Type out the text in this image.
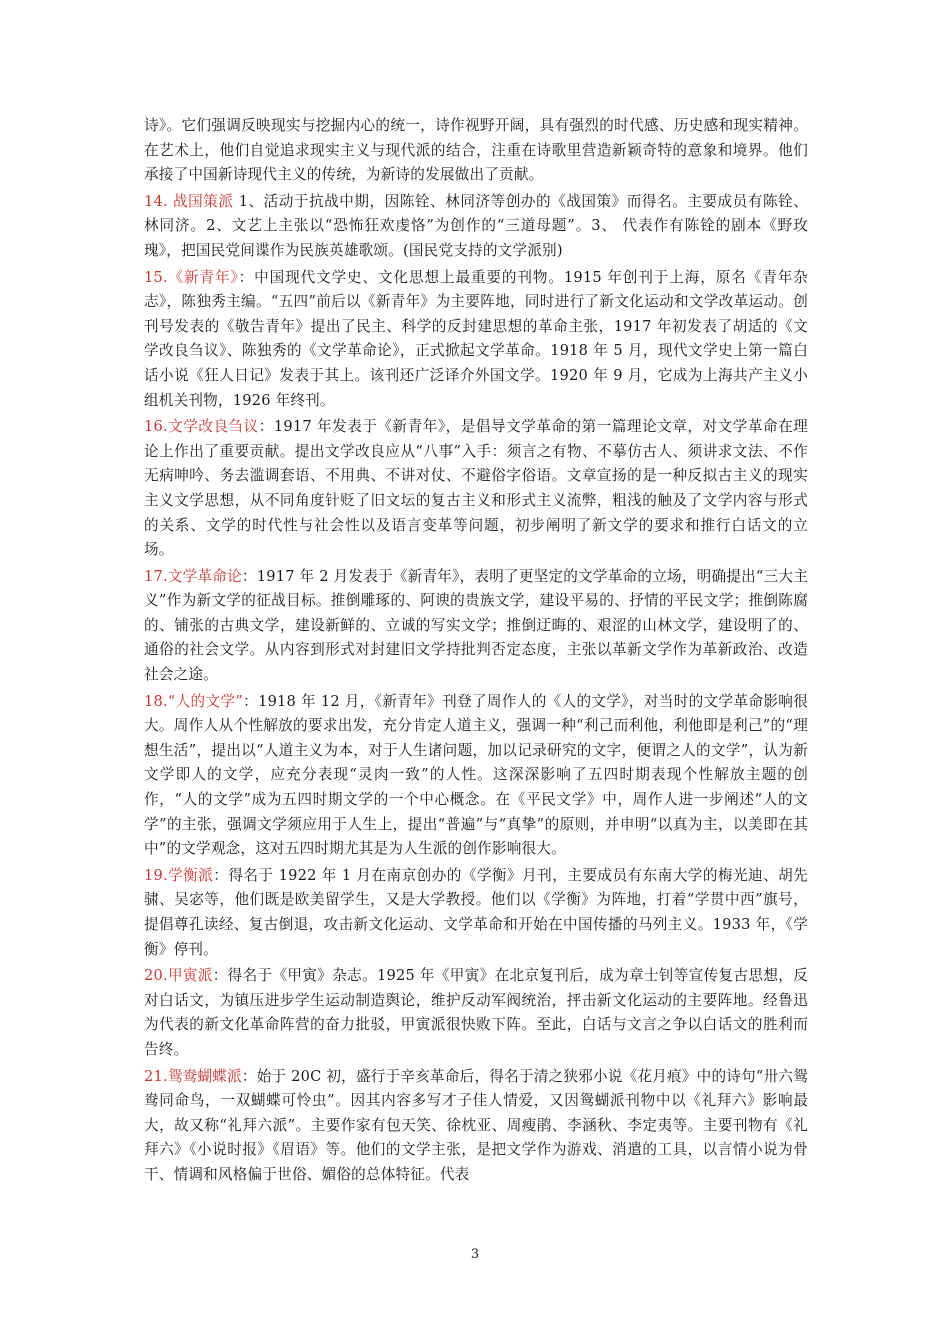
诗》。它们强调反映现实与挖掘内心的统一，诗作视野开阔，具有强烈的时代感、历史感和现实精神。在艺术上，他们自觉追求现实主义与现代派的结合，注重在诗歌里营造新颖奇特的意象和境界。他们承接了中国新诗现代主义的传统，为新诗的发展做出了贡献。

14. 战国策派 1、活动于抗战中期，因陈铨、林同济等创办的《战国策》而得名。主要成员有陈铨、林同济。2、文艺上主张以“恐怖狂欢虔恪”为创作的“三道母题”。3、 代表作有陈铨的剧本《野玫瑰》，把国民党间谍作为民族英雄歌颂。(国民党支持的文学派别)

15.《新青年》：中国现代文学史、文化思想上最重要的刊物。1915 年创刊于上海，原名《青年杂志》，陈独秀主编。“五四”前后以《新青年》为主要阵地，同时进行了新文化运动和文学改革运动。创刊号发表的《敬告青年》提出了民主、科学的反封建思想的革命主张，1917 年初发表了胡适的《文学改良刍议》、陈独秀的《文学革命论》，正式掀起文学革命。1918 年 5 月，现代文学史上第一篇白话小说《狂人日记》发表于其上。该刊还广泛译介外国文学。1920 年 9 月，它成为上海共产主义小组机关刊物，1926 年终刊。

16.文学改良刍议：1917 年发表于《新青年》，是倡导文学革命的第一篇理论文章，对文学革命在理论上作出了重要贡献。提出文学改良应从“八事”入手：须言之有物、不摹仿古人、须讲求文法、不作无病呻吟、务去滥调套语、不用典、不讲对仗、不避俗字俗语。文章宣扬的是一种反拟古主义的现实主义文学思想，从不同角度针贬了旧文坛的复古主义和形式主义流弊，粗浅的触及了文学内容与形式的关系、文学的时代性与社会性以及语言变革等问题，初步阐明了新文学的要求和推行白话文的立场。

17.文学革命论：1917 年 2 月发表于《新青年》，表明了更坚定的文学革命的立场，明确提出“三大主义”作为新文学的征战目标。推倒雕琢的、阿谀的贵族文学，建设平易的、抒情的平民文学；推倒陈腐的、铺张的古典文学，建设新鲜的、立诚的写实文学；推倒迂晦的、艰涩的山林文学，建设明了的、通俗的社会文学。从内容到形式对封建旧文学持批判否定态度，主张以革新文学作为革新政治、改造社会之途。

18.“人的文学”：1918 年 12 月，《新青年》刊登了周作人的《人的文学》，对当时的文学革命影响很大。周作人从个性解放的要求出发，充分肯定人道主义，强调一种“利己而利他，利他即是利己”的“理想生活”，提出以“人道主义为本，对于人生诸问题，加以记录研究的文字，便谓之人的文学”，认为新文学即人的文学，应充分表现“灵肉一致”的人性。这深深影响了五四时期表现个性解放主题的创作，“人的文学”成为五四时期文学的一个中心概念。在《平民文学》中，周作人进一步阐述“人的文学”的主张，强调文学须应用于人生上，提出“普遍”与“真挚”的原则，并申明“以真为主，以美即在其中”的文学观念，这对五四时期尤其是为人生派的创作影响很大。

19.学衡派：得名于 1922 年 1 月在南京创办的《学衡》月刊，主要成员有东南大学的梅光迪、胡先骕、吴宓等，他们既是欧美留学生，又是大学教授。他们以《学衡》为阵地，打着“学贯中西”旗号，提倡尊孔读经、复古倒退，攻击新文化运动、文学革命和开始在中国传播的马列主义。1933 年，《学衡》停刊。

20.甲寅派：得名于《甲寅》杂志。1925 年《甲寅》在北京复刊后，成为章士钊等宣传复古思想，反对白话文，为镇压进步学生运动制造舆论，维护反动军阀统治，抨击新文化运动的主要阵地。经鲁迅为代表的新文化革命阵营的奋力批驳，甲寅派很快败下阵。至此，白话与文言之争以白话文的胜利而告终。

21.鸳鸯蝴蝶派：始于 20C 初，盛行于辛亥革命后，得名于清之狭邪小说《花月痕》中的诗句“卅六鸳鸯同命鸟，一双蝴蝶可怜虫”。因其内容多写才子佳人情爱，又因鸳蝴派刊物中以《礼拜六》影响最大，故又称“礼拜六派”。主要作家有包天笑、徐枕亚、周瘦鹃、李涵秋、李定夷等。主要刊物有《礼拜六》《小说时报》《眉语》等。他们的文学主张，是把文学作为游戏、消遣的工具，以言情小说为骨干、情调和风格偏于世俗、媚俗的总体特征。代表

3
